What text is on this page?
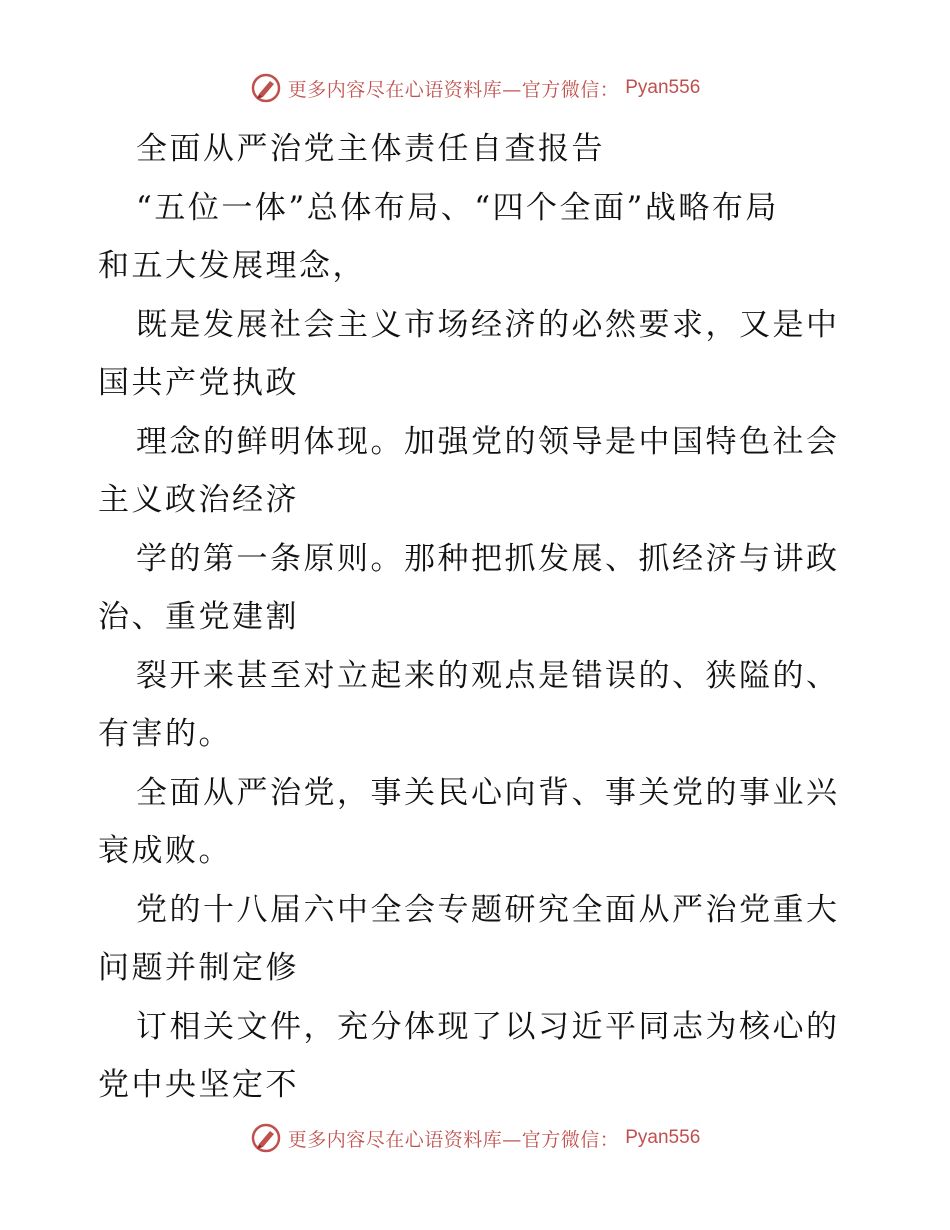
更多内容尽在心语资料库—官方微信： Pyan556

全面从严治党主体责任自查报告

“五位一体”总体布局、“四个全面”战略布局
和五大发展理念，

既是发展社会主义市场经济的必然要求，又是中
国共产党执政

理念的鲜明体现。加强党的领导是中国特色社会
主义政治经济

学的第一条原则。那种把抓发展、抓经济与讲政
治、重党建割

裂开来甚至对立起来的观点是错误的、狭隘的、
有害的。

全面从严治党，事关民心向背、事关党的事业兴
衰成败。

党的十八届六中全会专题研究全面从严治党重大
问题并制定修

订相关文件，充分体现了以习近平同志为核心的
党中央坚定不

更多内容尽在心语资料库—官方微信： Pyan556
